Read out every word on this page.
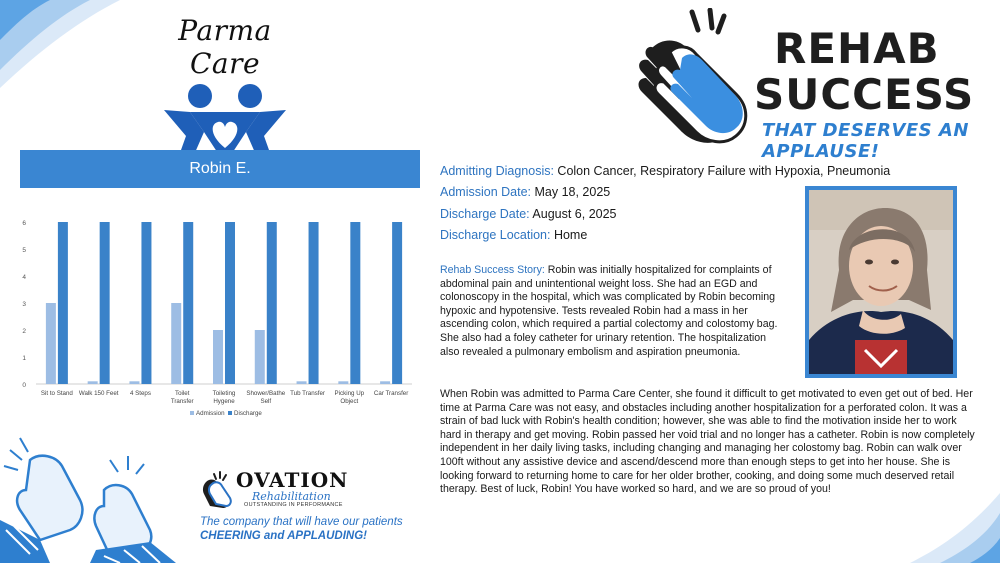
Parma Care	REHAB
SUCCESS
THAT DESERVES AN APPLAUSE!
Robin E.
0
1
2
3
4
5
6
Sit to Stand Walk 150 Feet 4 Steps	Toilet Transfer
Toileting Hygene
Shower/Bathe Self
Tub Transfer Picking Up Object
Car Transfer
Admission Discharge
OVATION
Rehabilitation
OUTSTANDING IN PERFORMANCE
The company that will have our patients
CHEERING and APPLAUDING!
Admitting Diagnosis: Colon Cancer, Respiratory Failure with Hypoxia, Pneumonia
Admission Date: May 18, 2025
Discharge Date: August 6, 2025
Discharge Location: Home
Rehab Success Story: Robin was initially hospitalized for complaints of abdominal pain and unintentional weight loss. She had an EGD and colonoscopy in the hospital, which was complicated by Robin becoming hypoxic and hypotensive. Tests revealed Robin had a mass in her ascending colon, which required a partial colectomy and colostomy bag. She also had a foley catheter for urinary retention. The hospitalization also revealed a pulmonary embolism and aspiration pneumonia.
When Robin was admitted to Parma Care Center, she found it difficult to get motivated to even get out of bed. Her time at Parma Care was not easy, and obstacles including another hospitalization for a perforated colon. It was a strain of bad luck with Robin's health condition; however, she was able to find the motivation inside her to work hard in therapy and get moving. Robin passed her void trial and no longer has a catheter. Robin is now completely independent in her daily living tasks, including changing and managing her colostomy bag. Robin can walk over 100ft without any assistive device and ascend/descend more than enough steps to get into her house. She is looking forward to returning home to care for her older brother, cooking, and doing some much deserved retail therapy. Best of luck, Robin! You have worked so hard, and we are so proud of you!
